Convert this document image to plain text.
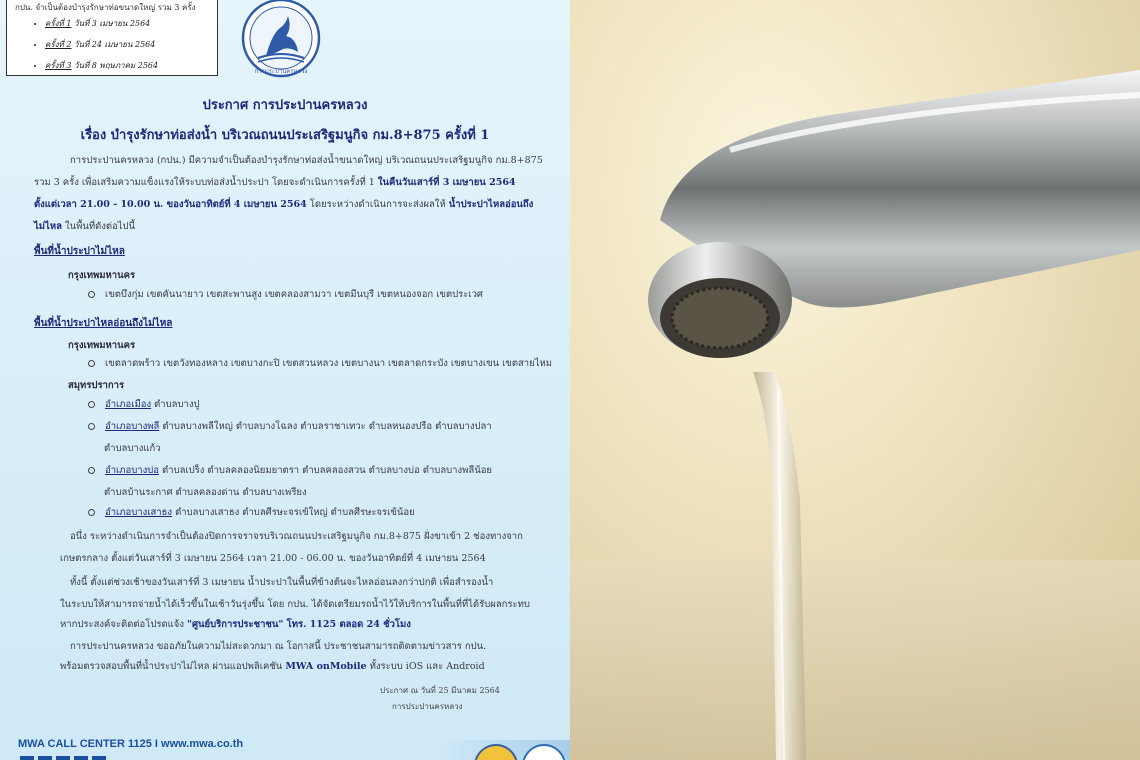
กปน. จำเป็นต้องบำรุงรักษาท่อขนาดใหญ่ รวม 3 ครั้ง
• ครั้งที่ 1 วันที่ 3 เมษายน 2564
• ครั้งที่ 2 วันที่ 24 เมษายน 2564
• ครั้งที่ 3 วันที่ 8 พฤษภาคม 2564
การประปานครหลวง
ประกาศ การประปานครหลวง
เรื่อง บำรุงรักษาท่อส่งน้ำ บริเวณถนนประเสริฐมนูกิจ กม.8+875 ครั้งที่ 1
การประปานครหลวง (กปน.) มีความจำเป็นต้องบำรุงรักษาท่อส่งน้ำขนาดใหญ่ บริเวณถนนประเสริฐมนูกิจ กม.8+875
รวม 3 ครั้ง เพื่อเสริมความแข็งแรงให้ระบบท่อส่งน้ำประปา โดยจะดำเนินการครั้งที่ 1 ในคืนวันเสาร์ที่ 3 เมษายน 2564
ตั้งแต่เวลา 21.00 - 10.00 น. ของวันอาทิตย์ที่ 4 เมษายน 2564 โดยระหว่างดำเนินการจะส่งผลให้ น้ำประปาไหลอ่อนถึง
ไม่ไหล ในพื้นที่ดังต่อไปนี้
พื้นที่น้ำประปาไม่ไหล
กรุงเทพมหานคร
เขตบึงกุ่ม เขตคันนายาว เขตสะพานสูง เขตคลองสามวา เขตมีนบุรี เขตหนองจอก เขตประเวศ
พื้นที่น้ำประปาไหลอ่อนถึงไม่ไหล
กรุงเทพมหานคร
เขตลาดพร้าว เขตวังทองหลาง เขตบางกะปิ เขตสวนหลวง เขตบางนา เขตลาดกระบัง เขตบางเขน เขตสายไหม
สมุทรปราการ
อำเภอเมือง ตำบลบางปู
อำเภอบางพลี ตำบลบางพลีใหญ่ ตำบลบางโฉลง ตำบลราชาเทวะ ตำบลหนองปรือ ตำบลบางปลา
ตำบลบางแก้ว
อำเภอบางบ่อ ตำบลเปร็ง ตำบลคลองนิยมยาตรา ตำบลคลองสวน ตำบลบางบ่อ ตำบลบางพลีน้อย
ตำบลบ้านระกาศ ตำบลคลองด่าน ตำบลบางเพรียง
อำเภอบางเสาธง ตำบลบางเสาธง ตำบลศีรษะจรเข้ใหญ่ ตำบลศีรษะจรเข้น้อย
อนึ่ง ระหว่างดำเนินการจำเป็นต้องปิดการจราจรบริเวณถนนประเสริฐมนูกิจ กม.8+875 ฝั่งขาเข้า 2 ช่องทางจาก
เกษตรกลาง ตั้งแต่วันเสาร์ที่ 3 เมษายน 2564 เวลา 21.00 - 06.00 น. ของวันอาทิตย์ที่ 4 เมษายน 2564
ทั้งนี้ ตั้งแต่ช่วงเช้าของวันเสาร์ที่ 3 เมษายน น้ำประปาในพื้นที่ข้างต้นจะไหลอ่อนลงกว่าปกติ เพื่อสำรองน้ำ
ในระบบให้สามารถจ่ายน้ำได้เร็วขึ้นในเช้าวันรุ่งขึ้น โดย กปน. ได้จัดเตรียมรถน้ำไว้ให้บริการในพื้นที่ที่ได้รับผลกระทบ
หากประสงค์จะติดต่อโปรดแจ้ง "ศูนย์บริการประชาชน" โทร. 1125 ตลอด 24 ชั่วโมง
การประปานครหลวง ขออภัยในความไม่สะดวกมา ณ โอกาสนี้ ประชาชนสามารถติดตามข่าวสาร กปน.
พร้อมตรวจสอบพื้นที่น้ำประปาไม่ไหล ผ่านแอปพลิเคชัน MWA onMobile ทั้งระบบ iOS และ Android
ประกาศ ณ วันที่ 25 มีนาคม 2564
การประปานครหลวง
MWA CALL CENTER 1125 I www.mwa.co.th
